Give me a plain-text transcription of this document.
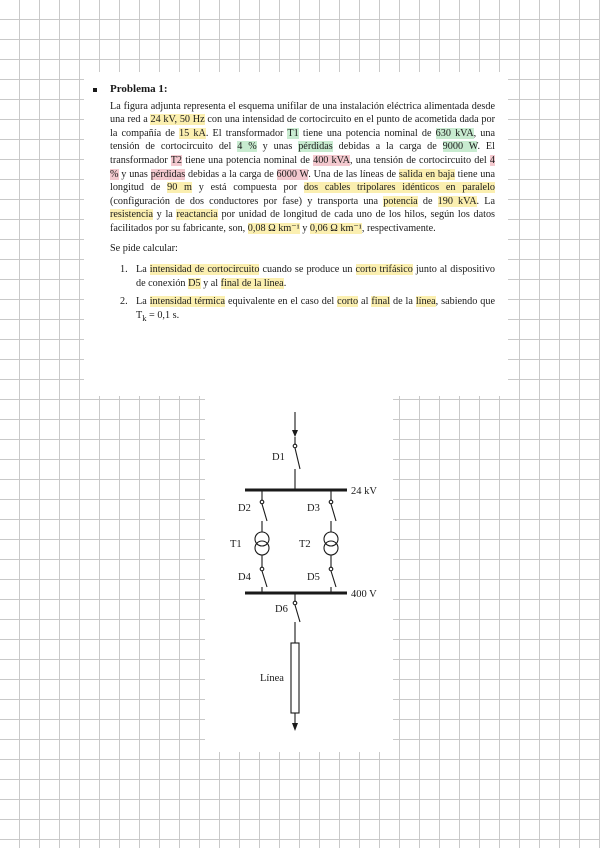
Problema 1:

La figura adjunta representa el esquema unifilar de una instalación eléctrica alimentada desde una red a 24 kV, 50 Hz con una intensidad de cortocircuito en el punto de acometida dada por la compañía de 15 kA. El transformador T1 tiene una potencia nominal de 630 kVA, una tensión de cortocircuito del 4 % y unas pérdidas debidas a la carga de 9000 W. El transformador T2 tiene una potencia nominal de 400 kVA, una tensión de cortocircuito del 4 % y unas pérdidas debidas a la carga de 6000 W. Una de las líneas de salida en baja tiene una longitud de 90 m y está compuesta por dos cables tripolares idénticos en paralelo (configuración de dos conductores por fase) y transporta una potencia de 190 kVA. La resistencia y la reactancia por unidad de longitud de cada uno de los hilos, según los datos facilitados por su fabricante, son, 0,08 Ω km⁻¹ y 0,06 Ω km⁻¹, respectivamente.

Se pide calcular:

1. La intensidad de cortocircuito cuando se produce un corto trifásico junto al dispositivo de conexión D5 y al final de la línea.
2. La intensidad térmica equivalente en el caso del corto al final de la línea, sabiendo que $T_k = 0,1$ s.
D1
D2	D3
T1	T2
D4	D5
D6
24 kV
400 V
Línea
